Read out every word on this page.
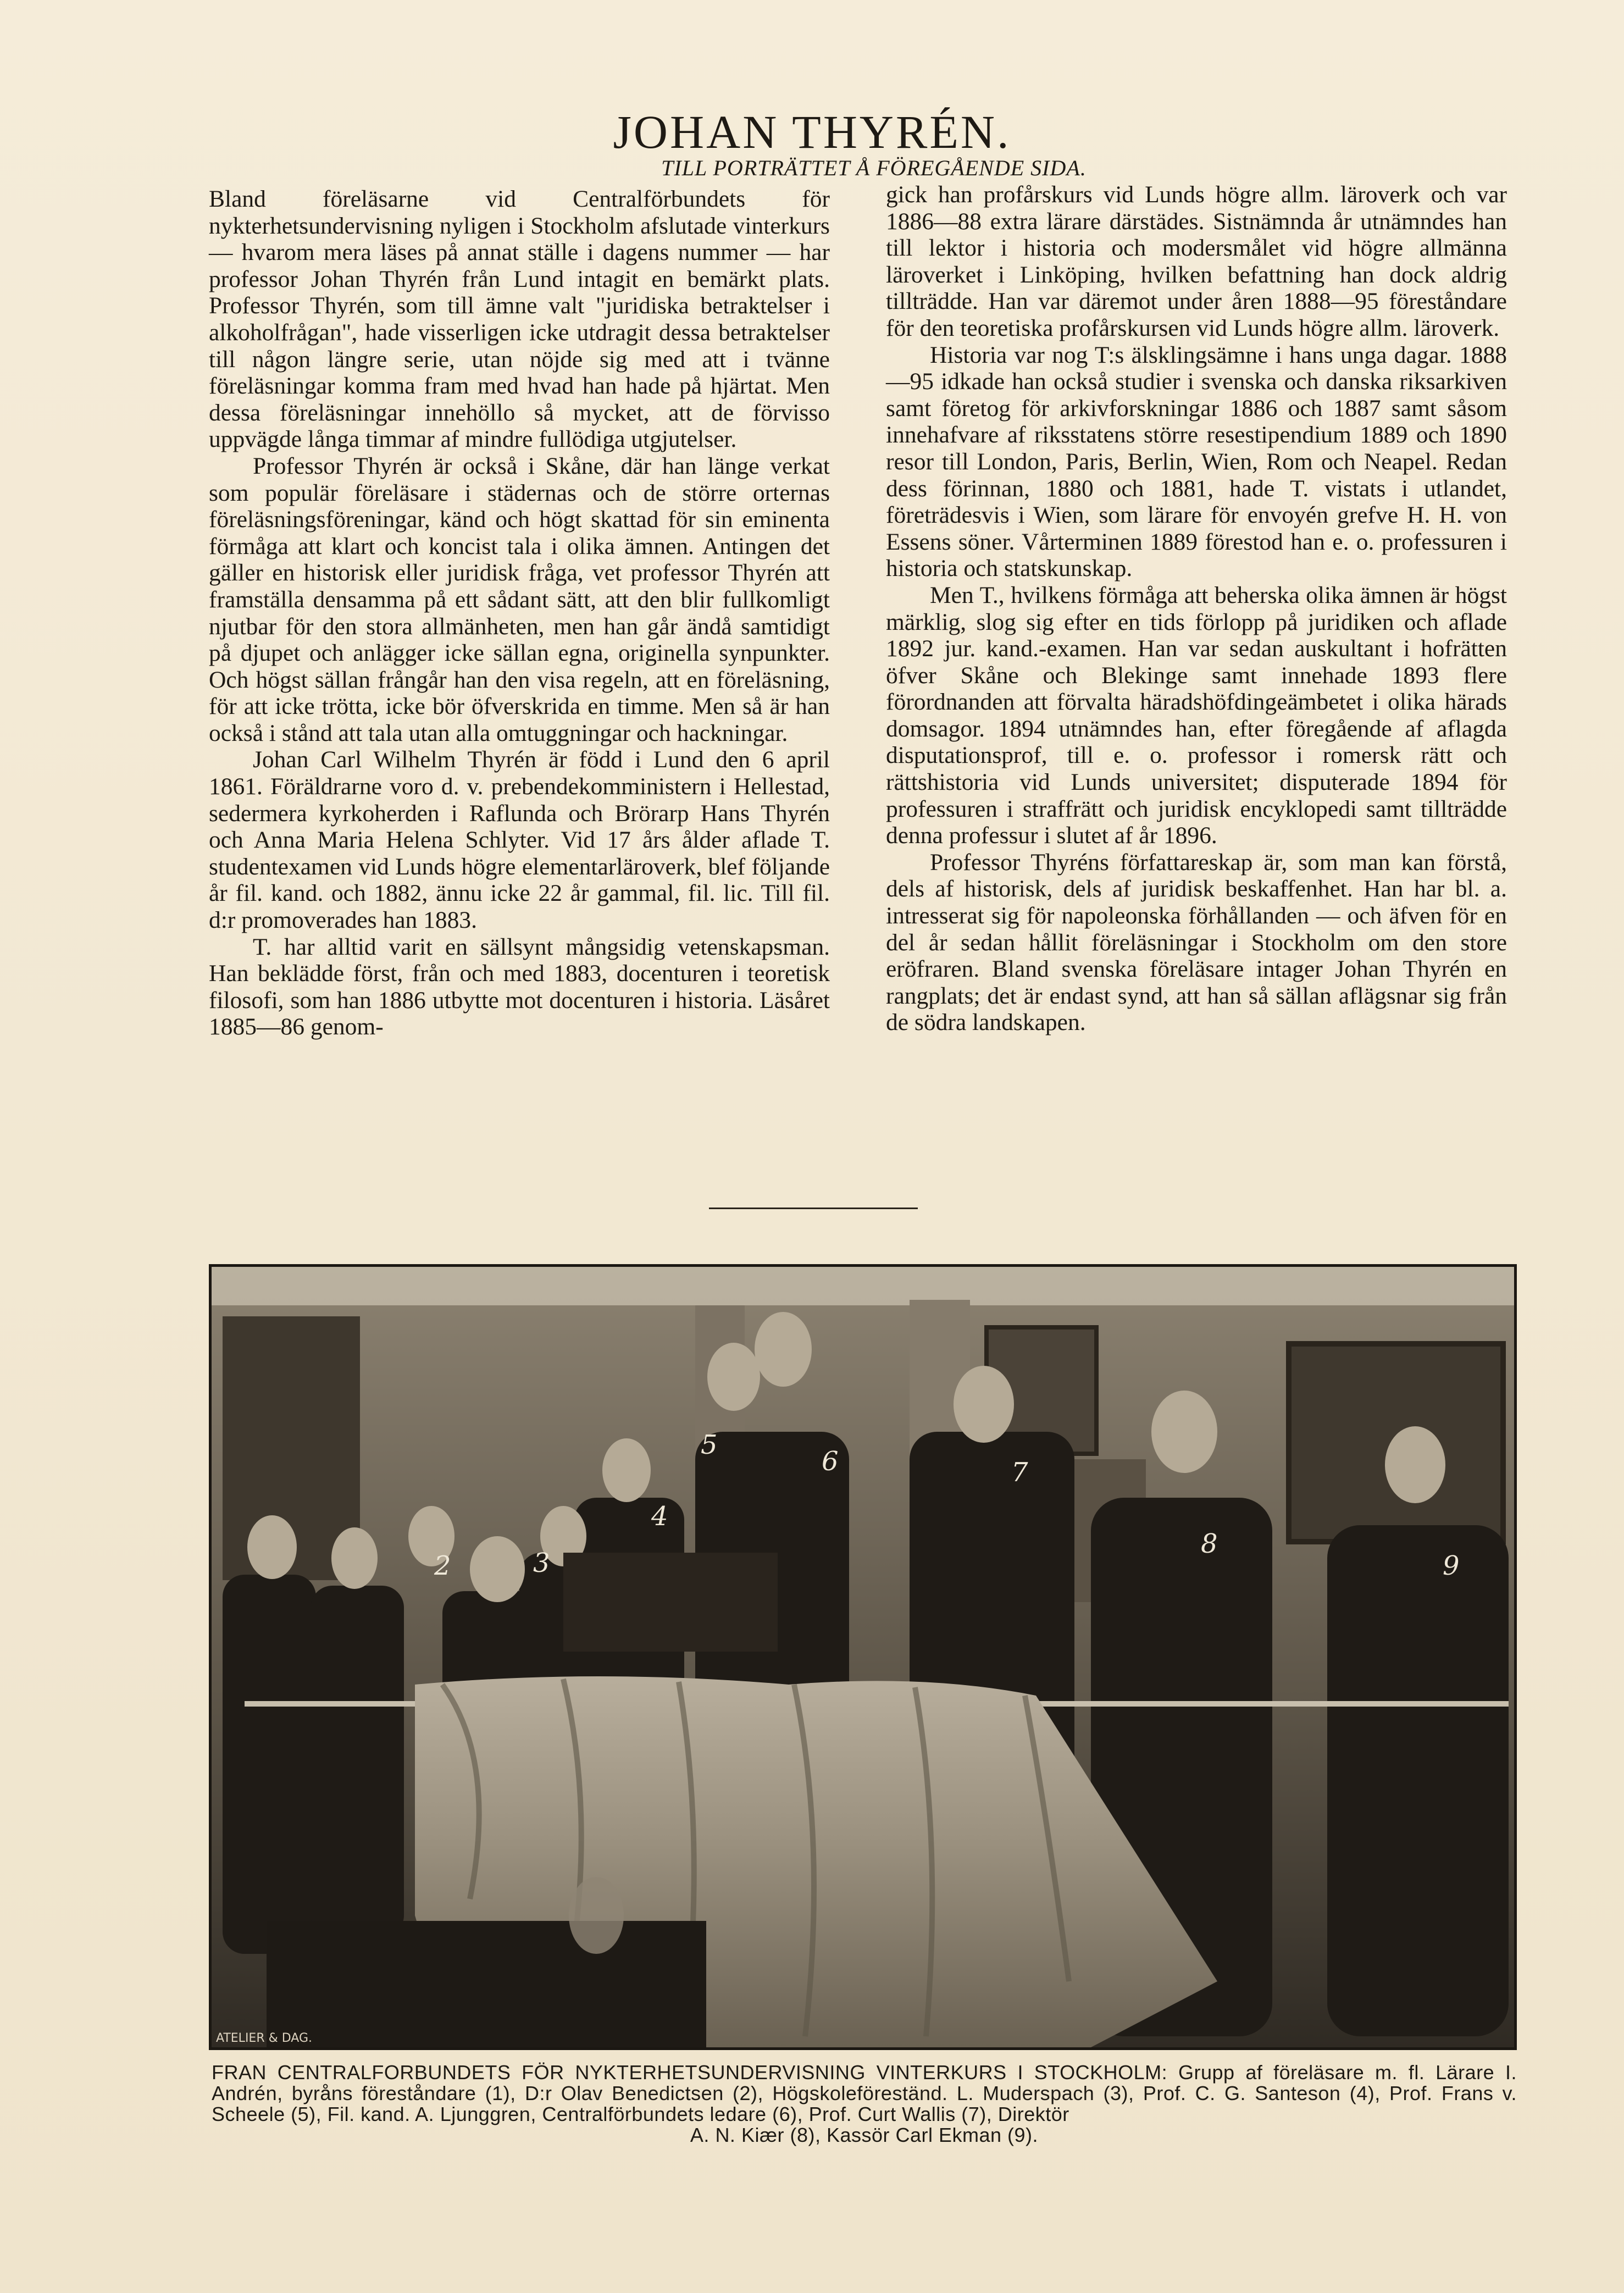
JOHAN THYRÉN.
TILL PORTRÄTTET Å FÖREGÅENDE SIDA.

Bland föreläsarne vid Centralförbundets för nykterhetsundervisning nyligen i Stockholm afslutade vinterkurs — hvarom mera läses på annat ställe i dagens nummer — har professor Johan Thyrén från Lund intagit en bemärkt plats. Professor Thyrén, som till ämne valt "juridiska betraktelser i alkoholfrågan", hade visserligen icke utdragit dessa betraktelser till någon längre serie, utan nöjde sig med att i tvänne föreläsningar komma fram med hvad han hade på hjärtat. Men dessa föreläsningar innehöllo så mycket, att de förvisso uppvägde långa timmar af mindre fullödiga utgjutelser.

Professor Thyrén är också i Skåne, där han länge verkat som populär föreläsare i städernas och de större orternas föreläsningsföreningar, känd och högt skattad för sin eminenta förmåga att klart och koncist tala i olika ämnen. Antingen det gäller en historisk eller juridisk fråga, vet professor Thyrén att framställa densamma på ett sådant sätt, att den blir fullkomligt njutbar för den stora allmänheten, men han går ändå samtidigt på djupet och anlägger icke sällan egna, originella synpunkter. Och högst sällan frångår han den visa regeln, att en föreläsning, för att icke trötta, icke bör öfverskrida en timme. Men så är han också i stånd att tala utan alla omtuggningar och hackningar.

Johan Carl Wilhelm Thyrén är född i Lund den 6 april 1861. Föräldrarne voro d. v. prebendekomministern i Hellestad, sedermera kyrkoherden i Raflunda och Brörarp Hans Thyrén och Anna Maria Helena Schlyter. Vid 17 års ålder aflade T. studentexamen vid Lunds högre elementarläroverk, blef följande år fil. kand. och 1882, ännu icke 22 år gammal, fil. lic. Till fil. d:r promoverades han 1883.

T. har alltid varit en sällsynt mångsidig vetenskapsman. Han beklädde först, från och med 1883, docenturen i teoretisk filosofi, som han 1886 utbytte mot docenturen i historia. Läsåret 1885—86 genom-

gick han profårskurs vid Lunds högre allm. läroverk och var 1886—88 extra lärare därstädes. Sistnämnda år utnämndes han till lektor i historia och modersmålet vid högre allmänna läroverket i Linköping, hvilken befattning han dock aldrig tillträdde. Han var däremot under åren 1888—95 föreståndare för den teoretiska profårskursen vid Lunds högre allm. läroverk.

Historia var nog T:s älsklingsämne i hans unga dagar. 1888—95 idkade han också studier i svenska och danska riksarkiven samt företog för arkivforskningar 1886 och 1887 samt såsom innehafvare af riksstatens större resestipendium 1889 och 1890 resor till London, Paris, Berlin, Wien, Rom och Neapel. Redan dess förinnan, 1880 och 1881, hade T. vistats i utlandet, företrädesvis i Wien, som lärare för envoyén grefve H. H. von Essens söner. Vårterminen 1889 förestod han e. o. professuren i historia och statskunskap.

Men T., hvilkens förmåga att beherska olika ämnen är högst märklig, slog sig efter en tids förlopp på juridiken och aflade 1892 jur. kand.-examen. Han var sedan auskultant i hofrätten öfver Skåne och Blekinge samt innehade 1893 flere förordnanden att förvalta häradshöfdingeämbetet i olika härads domsagor. 1894 utnämndes han, efter föregående af aflagda disputationsprof, till e. o. professor i romersk rätt och rättshistoria vid Lunds universitet; disputerade 1894 för professuren i straffrätt och juridisk encyklopedi samt tillträdde denna professur i slutet af år 1896.

Professor Thyréns författareskap är, som man kan förstå, dels af historisk, dels af juridisk beskaffenhet. Han har bl. a. intresserat sig för napoleonska förhållanden — och äfven för en del år sedan hållit föreläsningar i Stockholm om den store eröfraren. Bland svenska föreläsare intager Johan Thyrén en rangplats; det är endast synd, att han så sällan aflägsnar sig från de södra landskapen.

2	3
4
5
6	7
8
9
ATELIER & DAG.
FRAN CENTRALFORBUNDETS FÖR NYKTERHETSUNDERVISNING VINTERKURS I STOCKHOLM: Grupp af föreläsare m. fl. Lärare I. Andrén, byråns föreståndare (1), D:r Olav Benedictsen (2), Högskoleföreständ. L. Muderspach (3), Prof. C. G. Santeson (4), Prof. Frans v. Scheele (5), Fil. kand. A. Ljunggren, Centralförbundets ledare (6), Prof. Curt Wallis (7), Direktör
A. N. Kiær (8), Kassör Carl Ekman (9).
